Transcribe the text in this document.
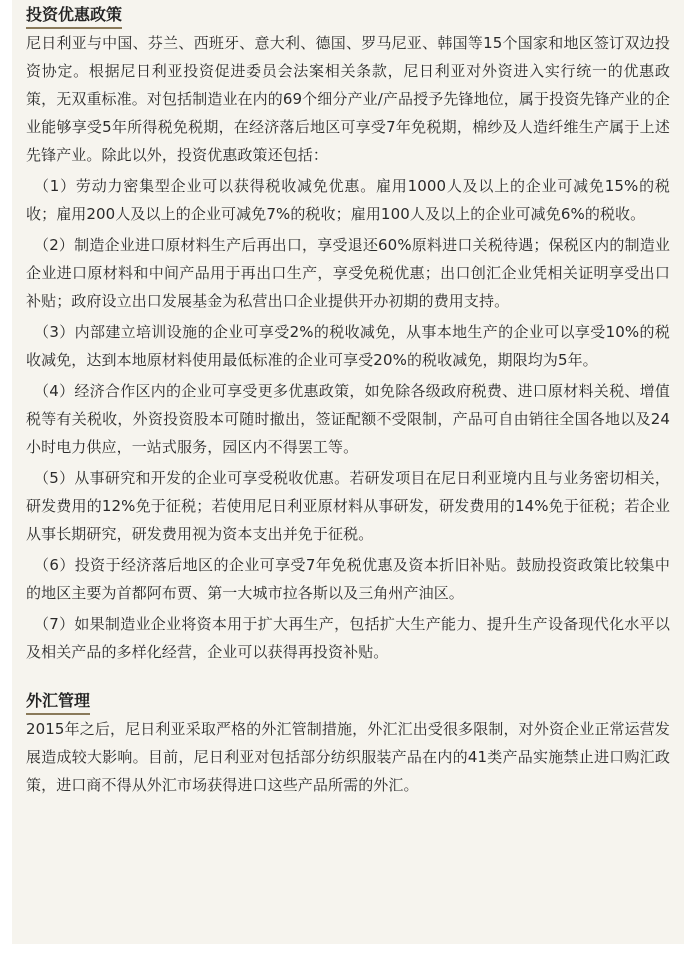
投资优惠政策

尼日利亚与中国、芬兰、西班牙、意大利、德国、罗马尼亚、韩国等15个国家和地区签订双边投资协定。根据尼日利亚投资促进委员会法案相关条款，尼日利亚对外资进入实行统一的优惠政策，无双重标准。对包括制造业在内的69个细分产业/产品授予先锋地位，属于投资先锋产业的企业能够享受5年所得税免税期，在经济落后地区可享受7年免税期，棉纱及人造纤维生产属于上述先锋产业。除此以外，投资优惠政策还包括：

（1）劳动力密集型企业可以获得税收减免优惠。雇用1000人及以上的企业可减免15%的税收；雇用200人及以上的企业可减免7%的税收；雇用100人及以上的企业可减免6%的税收。

（2）制造企业进口原材料生产后再出口，享受退还60%原料进口关税待遇；保税区内的制造业企业进口原材料和中间产品用于再出口生产，享受免税优惠；出口创汇企业凭相关证明享受出口补贴；政府设立出口发展基金为私营出口企业提供开办初期的费用支持。

（3）内部建立培训设施的企业可享受2%的税收减免，从事本地生产的企业可以享受10%的税收减免，达到本地原材料使用最低标准的企业可享受20%的税收减免，期限均为5年。

（4）经济合作区内的企业可享受更多优惠政策，如免除各级政府税费、进口原材料关税、增值税等有关税收，外资投资股本可随时撤出，签证配额不受限制，产品可自由销往全国各地以及24小时电力供应，一站式服务，园区内不得罢工等。

（5）从事研究和开发的企业可享受税收优惠。若研发项目在尼日利亚境内且与业务密切相关，研发费用的12%免于征税；若使用尼日利亚原材料从事研发，研发费用的14%免于征税；若企业从事长期研究，研发费用视为资本支出并免于征税。

（6）投资于经济落后地区的企业可享受7年免税优惠及资本折旧补贴。鼓励投资政策比较集中的地区主要为首都阿布贾、第一大城市拉各斯以及三角州产油区。

（7）如果制造业企业将资本用于扩大再生产，包括扩大生产能力、提升生产设备现代化水平以及相关产品的多样化经营，企业可以获得再投资补贴。

外汇管理

2015年之后，尼日利亚采取严格的外汇管制措施，外汇汇出受很多限制，对外资企业正常运营发展造成较大影响。目前，尼日利亚对包括部分纺织服装产品在内的41类产品实施禁止进口购汇政策，进口商不得从外汇市场获得进口这些产品所需的外汇。
